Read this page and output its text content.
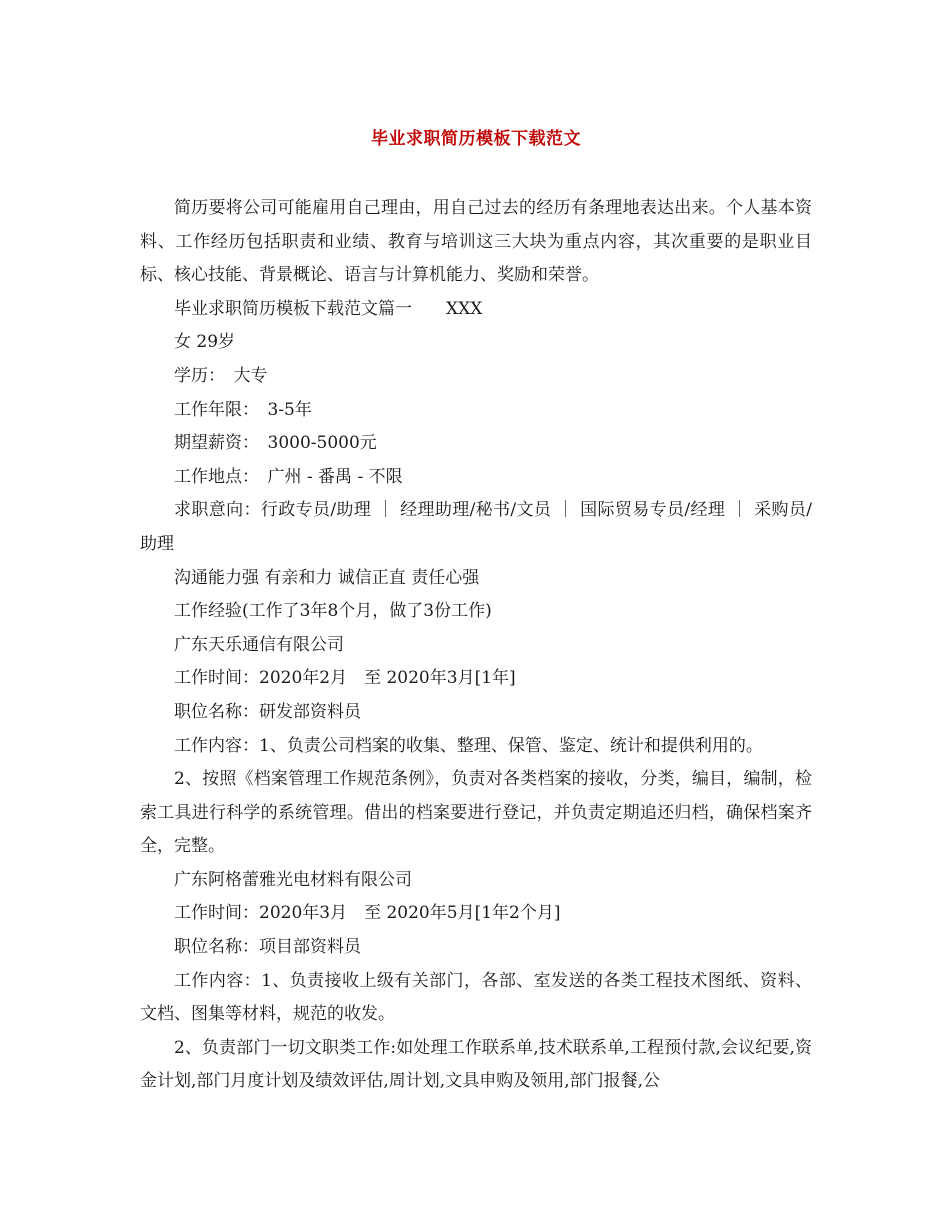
毕业求职简历模板下载范文

简历要将公司可能雇用自己理由，用自己过去的经历有条理地表达出来。个人基本资料、工作经历包括职责和业绩、教育与培训这三大块为重点内容，其次重要的是职业目标、核心技能、背景概论、语言与计算机能力、奖励和荣誉。

毕业求职简历模板下载范文篇一　　XXX

女 29岁

学历：　大专

工作年限：　3-5年

期望薪资：　3000-5000元

工作地点：　广州 - 番禺 - 不限

求职意向：行政专员/助理 ｜ 经理助理/秘书/文员 ｜ 国际贸易专员/经理 ｜ 采购员/助理

沟通能力强 有亲和力 诚信正直 责任心强

工作经验(工作了3年8个月，做了3份工作)

广东天乐通信有限公司

工作时间：2020年2月　至 2020年3月[1年]

职位名称：研发部资料员

工作内容：1、负责公司档案的收集、整理、保管、鉴定、统计和提供利用的。

2、按照《档案管理工作规范条例》，负责对各类档案的接收，分类，编目，编制，检索工具进行科学的系统管理。借出的档案要进行登记，并负责定期追还归档，确保档案齐全，完整。

广东阿格蕾雅光电材料有限公司

工作时间：2020年3月　至 2020年5月[1年2个月]

职位名称：项目部资料员

工作内容：1、负责接收上级有关部门，各部、室发送的各类工程技术图纸、资料、文档、图集等材料，规范的收发。

2、负责部门一切文职类工作:如处理工作联系单,技术联系单,工程预付款,会议纪要,资金计划,部门月度计划及绩效评估,周计划,文具申购及领用,部门报餐,公
